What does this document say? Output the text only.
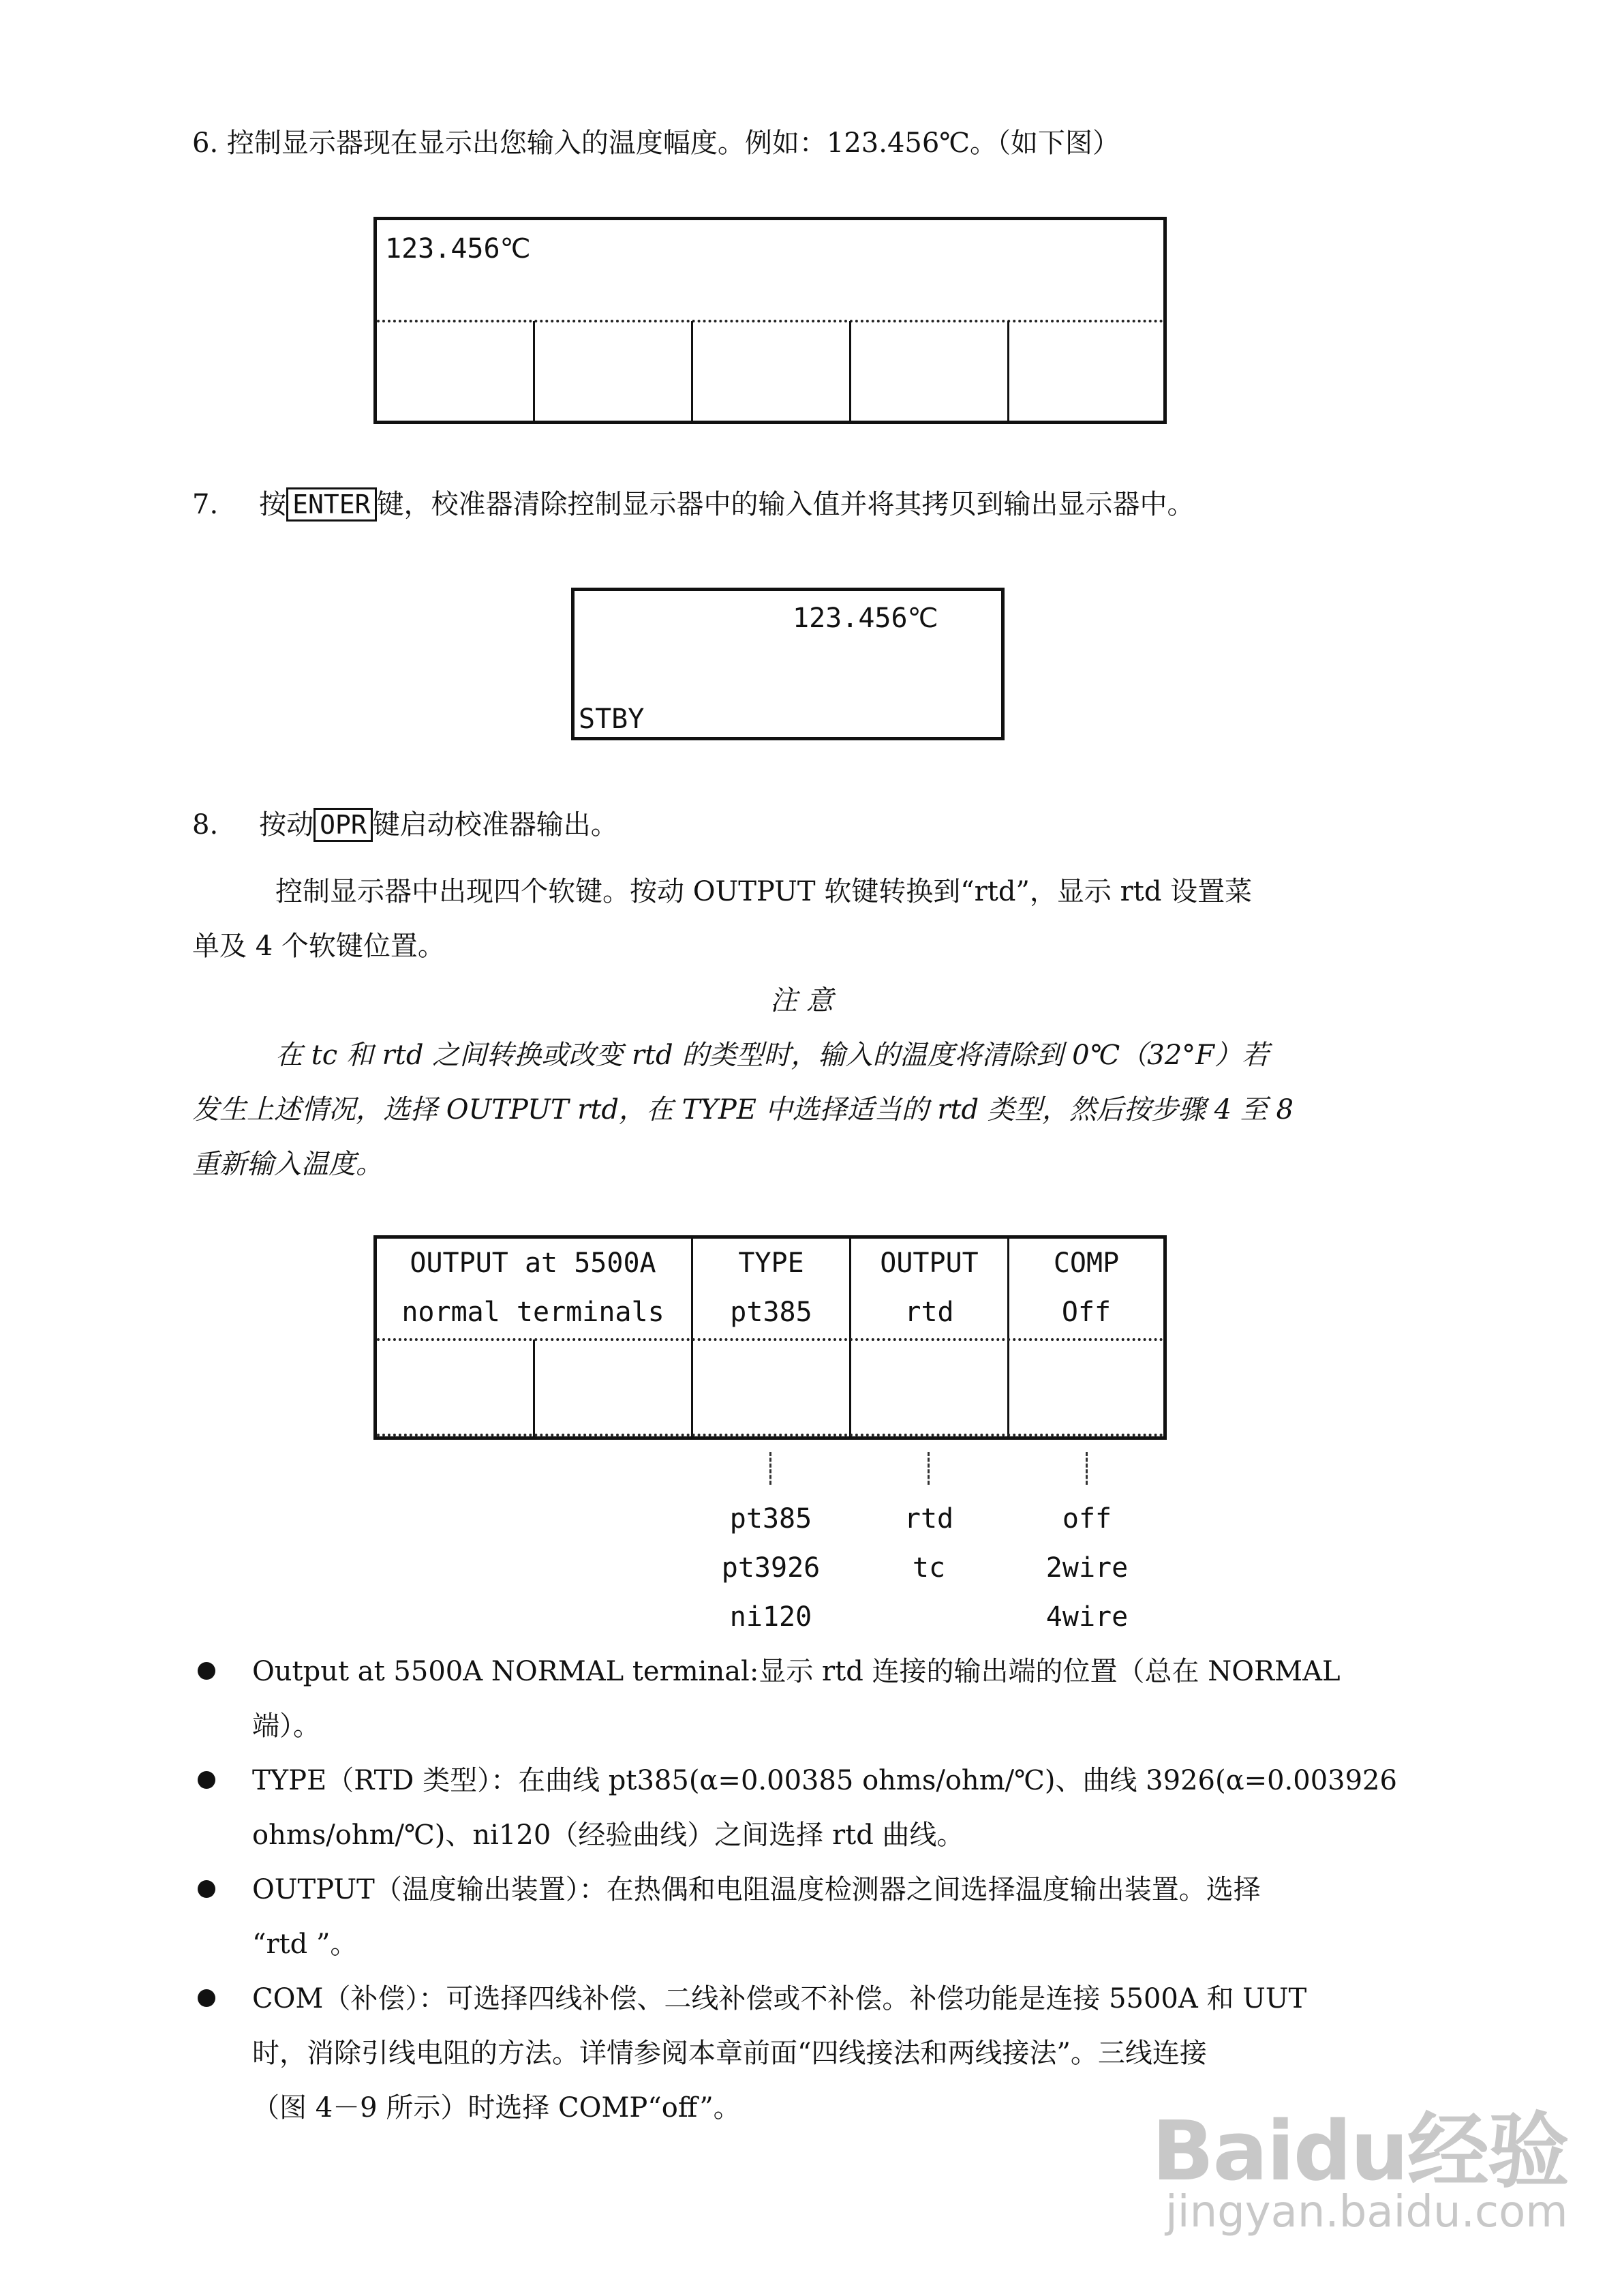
6. 控制显示器现在显示出您输入的温度幅度。例如：123.456℃。（如下图）
123.456℃
7. 按 ENTER 键，校准器清除控制显示器中的输入值并将其拷贝到输出显示器中。
123.456℃
STBY
8. 按动 OPR 键启动校准器输出。
控制显示器中出现四个软键。按动 OUTPUT 软键转换到“rtd”，显示 rtd 设置菜
单及 4 个软键位置。
注 意
在 tc 和 rtd 之间转换或改变 rtd 的类型时，输入的温度将清除到 0℃（32°F）若
发生上述情况，选择 OUTPUT rtd，在 TYPE 中选择适当的 rtd 类型，然后按步骤 4 至 8
重新输入温度。
OUTPUT at 5500A
normal terminals
TYPE
pt385
OUTPUT
rtd
COMP
Off
pt385
pt3926
ni120
rtd
tc
off
2wire
4wire
Output at 5500A NORMAL terminal:显示 rtd 连接的输出端的位置（总在 NORMAL
端）。
TYPE（RTD 类型）：在曲线 pt385(α=0.00385 ohms/ohm/℃)、曲线 3926(α=0.003926
ohms/ohm/℃)、ni120（经验曲线）之间选择 rtd 曲线。
OUTPUT（温度输出装置）：在热偶和电阻温度检测器之间选择温度输出装置。选择
“rtd ”。
COM（补偿）：可选择四线补偿、二线补偿或不补偿。补偿功能是连接 5500A 和 UUT
时，消除引线电阻的方法。详情参阅本章前面“四线接法和两线接法”。三线连接
（图 4－9 所示）时选择 COMP“off”。	Baidu经验
jingyan.baidu.com
